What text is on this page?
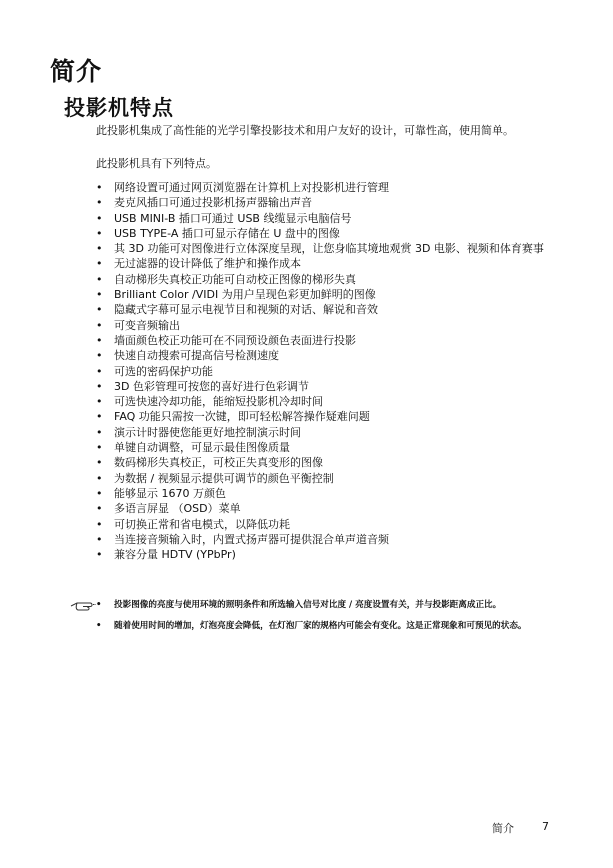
简介
投影机特点

此投影机集成了高性能的光学引擎投影技术和用户友好的设计，可靠性高，使用简单。

此投影机具有下列特点。

• 网络设置可通过网页浏览器在计算机上对投影机进行管理
• 麦克风插口可通过投影机扬声器输出声音
• USB MINI-B 插口可通过 USB 线缆显示电脑信号
• USB TYPE-A 插口可显示存储在 U 盘中的图像
• 其 3D 功能可对图像进行立体深度呈现，让您身临其境地观赏 3D 电影、视频和体育赛事
• 无过滤器的设计降低了维护和操作成本
• 自动梯形失真校正功能可自动校正图像的梯形失真
• Brilliant Color /VIDI 为用户呈现色彩更加鲜明的图像
• 隐藏式字幕可显示电视节目和视频的对话、解说和音效
• 可变音频输出
• 墙面颜色校正功能可在不同预设颜色表面进行投影
• 快速自动搜索可提高信号检测速度
• 可选的密码保护功能
• 3D 色彩管理可按您的喜好进行色彩调节
• 可选快速冷却功能，能缩短投影机冷却时间
• FAQ 功能只需按一次键，即可轻松解答操作疑难问题
• 演示计时器使您能更好地控制演示时间
• 单键自动调整，可显示最佳图像质量
• 数码梯形失真校正，可校正失真变形的图像
• 为数据 / 视频显示提供可调节的颜色平衡控制
• 能够显示 1670 万颜色
• 多语言屏显 （OSD）菜单
• 可切换正常和省电模式，以降低功耗
• 当连接音频输入时，内置式扬声器可提供混合单声道音频
• 兼容分量 HDTV (YPbPr)
• 投影图像的亮度与使用环境的照明条件和所选输入信号对比度 / 亮度设置有关，并与投影距离成正比。
• 随着使用时间的增加，灯泡亮度会降低，在灯泡厂家的规格内可能会有变化。这是正常现象和可预见的状态。
简介	7
